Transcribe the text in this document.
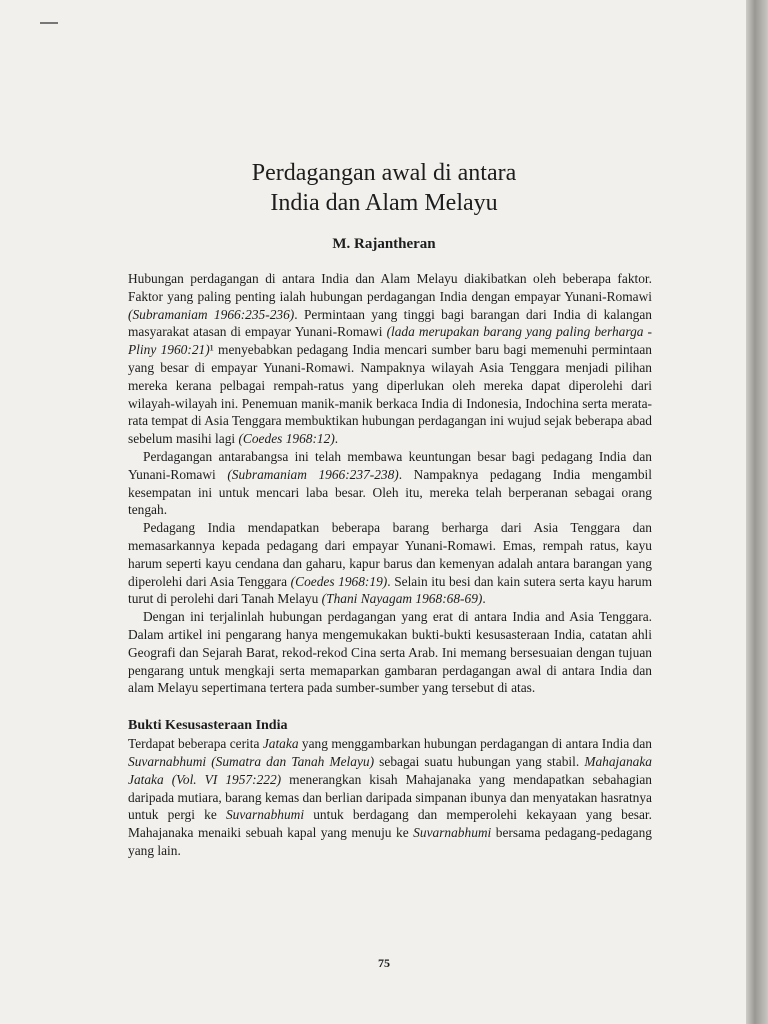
Perdagangan awal di antara
India dan Alam Melayu
M. Rajantheran

Hubungan perdagangan di antara India dan Alam Melayu diakibatkan oleh beberapa faktor. Faktor yang paling penting ialah hubungan perdagangan India dengan empayar Yunani-Romawi (Subramaniam 1966:235-236). Permintaan yang tinggi bagi barangan dari India di kalangan masyarakat atasan di empayar Yunani-Romawi (lada merupakan barang yang paling berharga - Pliny 1960:21)¹ menyebabkan pedagang India mencari sumber baru bagi memenuhi permintaan yang besar di empayar Yunani-Romawi. Nampaknya wilayah Asia Tenggara menjadi pilihan mereka kerana pelbagai rempah-ratus yang diperlukan oleh mereka dapat diperolehi dari wilayah-wilayah ini. Penemuan manik-manik berkaca India di Indonesia, Indochina serta merata-rata tempat di Asia Tenggara membuktikan hubungan perdagangan ini wujud sejak beberapa abad sebelum masihi lagi (Coedes 1968:12).

Perdagangan antarabangsa ini telah membawa keuntungan besar bagi pedagang India dan Yunani-Romawi (Subramaniam 1966:237-238). Nampaknya pedagang India mengambil kesempatan ini untuk mencari laba besar. Oleh itu, mereka telah berperanan sebagai orang tengah.

Pedagang India mendapatkan beberapa barang berharga dari Asia Tenggara dan memasarkannya kepada pedagang dari empayar Yunani-Romawi. Emas, rempah ratus, kayu harum seperti kayu cendana dan gaharu, kapur barus dan kemenyan adalah antara barangan yang diperolehi dari Asia Tenggara (Coedes 1968:19). Selain itu besi dan kain sutera serta kayu harum turut di perolehi dari Tanah Melayu (Thani Nayagam 1968:68-69).

Dengan ini terjalinlah hubungan perdagangan yang erat di antara India and Asia Tenggara. Dalam artikel ini pengarang hanya mengemukakan bukti-bukti kesusasteraan India, catatan ahli Geografi dan Sejarah Barat, rekod-rekod Cina serta Arab. Ini memang bersesuaian dengan tujuan pengarang untuk mengkaji serta memaparkan gambaran perdagangan awal di antara India dan alam Melayu sepertimana tertera pada sumber-sumber yang tersebut di atas.

Bukti Kesusasteraan India

Terdapat beberapa cerita Jataka yang menggambarkan hubungan perdagangan di antara India dan Suvarnabhumi (Sumatra dan Tanah Melayu) sebagai suatu hubungan yang stabil. Mahajanaka Jataka (Vol. VI 1957:222) menerangkan kisah Mahajanaka yang mendapatkan sebahagian daripada mutiara, barang kemas dan berlian daripada simpanan ibunya dan menyatakan hasratnya untuk pergi ke Suvarnabhumi untuk berdagang dan memperolehi kekayaan yang besar. Mahajanaka menaiki sebuah kapal yang menuju ke Suvarnabhumi bersama pedagang-pedagang yang lain.

75
